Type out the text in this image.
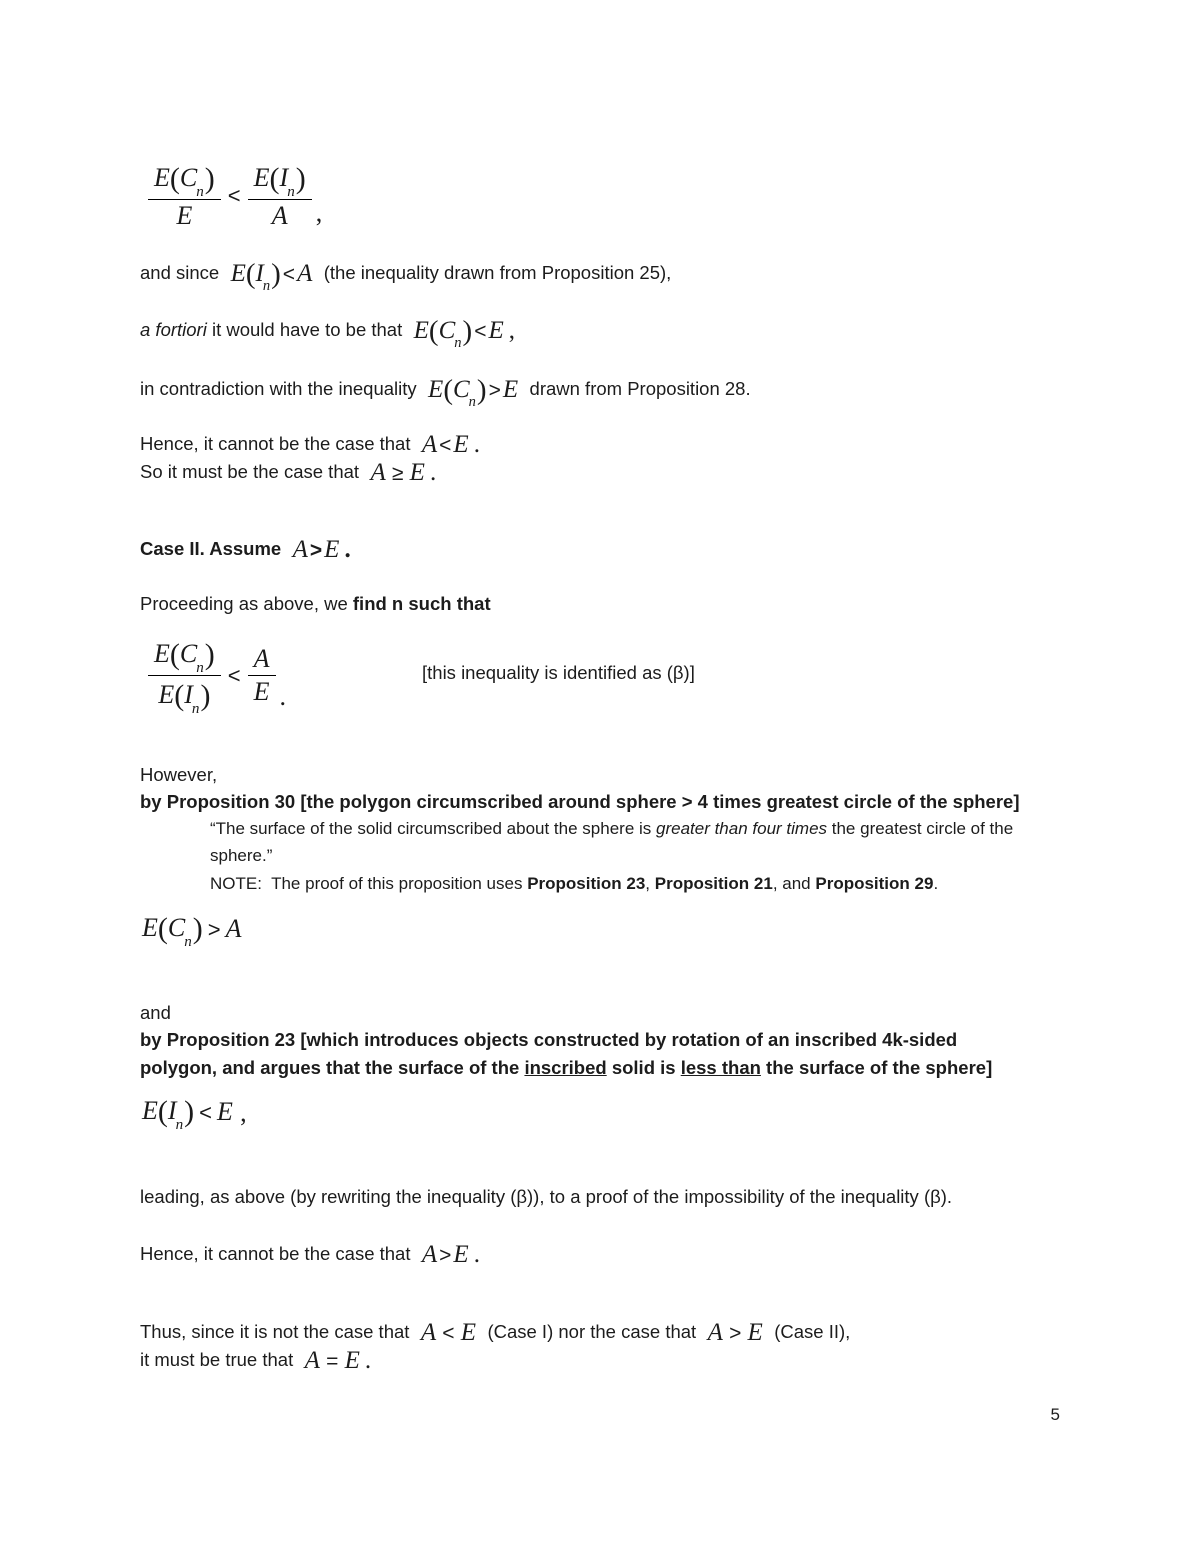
$\frac{E(C_n)}{E} < \frac{E(I_n)}{A}$ ,
and since  $E(I_n)<A$  (the inequality drawn from Proposition 25),
a fortiori it would have to be that  $E(C_n)<E$ ,
in contradiction with the inequality  $E(C_n)>E$  drawn from Proposition 28.
Hence, it cannot be the case that  A<E .
So it must be the case that  A ≥ E .
Case II. Assume  A>E .
Proceeding as above, we find n such that
$\frac{E(C_n)}{E(I_n)} < \frac{A}{E}$ .
[this inequality is identified as (β)]
However,
by Proposition 30 [the polygon circumscribed around sphere > 4 times greatest circle of the sphere]
“The surface of the solid circumscribed about the sphere is greater than four times the greatest circle of the sphere.”
NOTE: The proof of this proposition uses Proposition 23, Proposition 21, and Proposition 29.
$E(C_n) > A$
and
by Proposition 23 [which introduces objects constructed by rotation of an inscribed 4k-sided polygon, and argues that the surface of the inscribed solid is less than the surface of the sphere]
$E(I_n) < E$  ,
leading, as above (by rewriting the inequality (β)), to a proof of the impossibility of the inequality (β).
Hence, it cannot be the case that  A>E .
Thus, since it is not the case that  A < E  (Case I) nor the case that  A > E  (Case II),
it must be true that  A = E .
5
